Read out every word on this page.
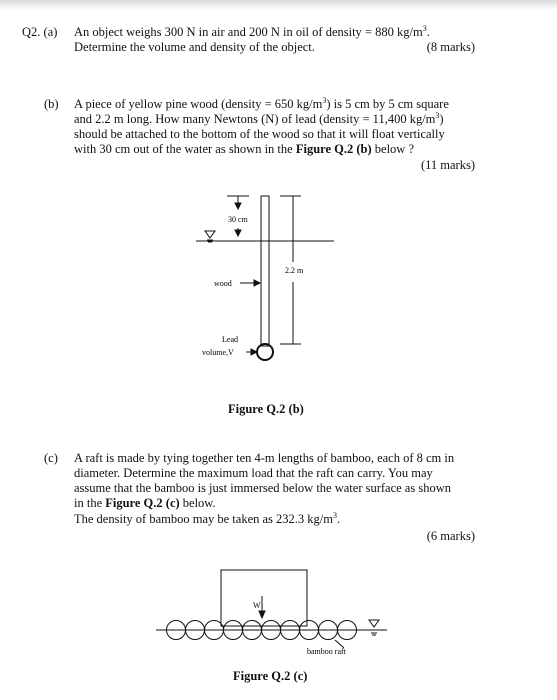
Q2. (a) An object weighs 300 N in air and 200 N in oil of density = 880 $kg/m^3$.
Determine the volume and density of the object.	(8 marks)
(b) A piece of yellow pine wood (density = 650 $kg/m^3$) is 5 cm by 5 cm square
and 2.2 m long. How many Newtons (N) of lead (density = 11,400 $kg/m^3$)
should be attached to the bottom of the wood so that it will float vertically
with 30 cm out of the water as shown in the Figure Q.2 (b) below ?
(11 marks)
30 cm
2.2 m
wood
Lead
volume,V
Figure Q.2 (b)
(c) A raft is made by tying together ten 4-m lengths of bamboo, each of 8 cm in
diameter. Determine the maximum load that the raft can carry. You may
assume that the bamboo is just immersed below the water surface as shown
in the Figure Q.2 (c) below.
The density of bamboo may be taken as 232.3 $kg/m^3$.
(6 marks)
W
bamboo raft
Figure Q.2 (c)
